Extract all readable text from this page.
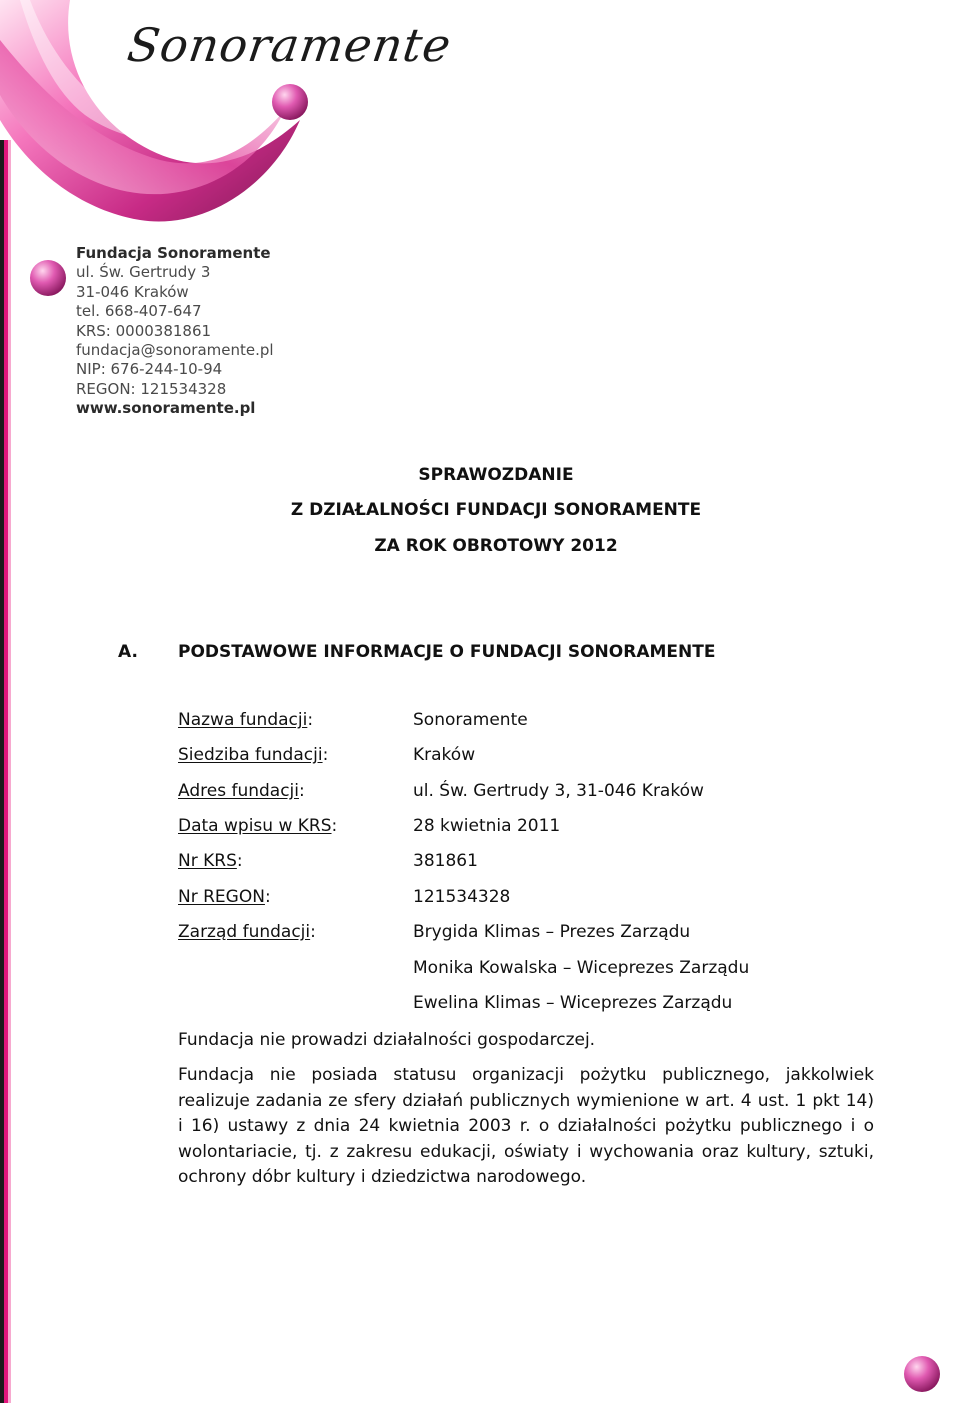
Sonoramente
Fundacja Sonoramente
ul. Św. Gertrudy 3
31-046 Kraków
tel. 668-407-647
KRS: 0000381861
fundacja@sonoramente.pl
NIP: 676-244-10-94
REGON: 121534328
www.sonoramente.pl
SPRAWOZDANIE
Z DZIAŁALNOŚCI FUNDACJI SONORAMENTE
ZA ROK OBROTOWY 2012
A. PODSTAWOWE INFORMACJE O FUNDACJI SONORAMENTE
Nazwa fundacji:	Sonoramente
Siedziba fundacji:	Kraków
Adres fundacji:	ul. Św. Gertrudy 3, 31-046 Kraków
Data wpisu w KRS:	28 kwietnia 2011
Nr KRS:	381861
Nr REGON:	121534328
Zarząd fundacji:	Brygida Klimas – Prezes Zarządu
Monika Kowalska – Wiceprezes Zarządu
Ewelina Klimas – Wiceprezes Zarządu
Fundacja nie prowadzi działalności gospodarczej.
Fundacja nie posiada statusu organizacji pożytku publicznego, jakkolwiek realizuje zadania ze sfery działań publicznych wymienione w art. 4 ust. 1 pkt 14) i 16) ustawy z dnia 24 kwietnia 2003 r. o działalności pożytku publicznego i o wolontariacie, tj. z zakresu edukacji, oświaty i wychowania oraz kultury, sztuki, ochrony dóbr kultury i dziedzictwa narodowego.
